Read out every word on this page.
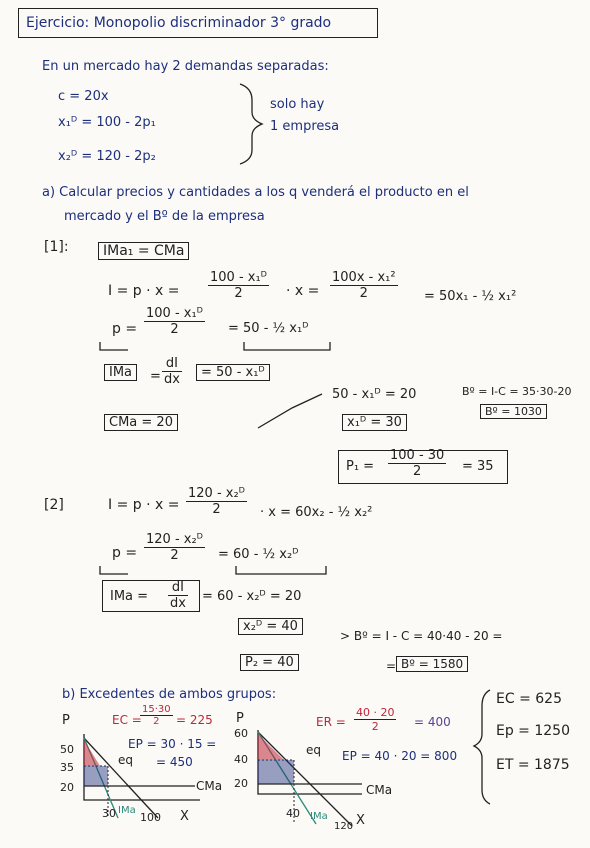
Ejercicio: Monopolio discriminador 3° grado
En un mercado hay 2 demandas separadas:
c = 20x
x₁ᴰ = 100 - 2p₁
x₂ᴰ = 120 - 2p₂
solo hay
1 empresa
a) Calcular precios y cantidades a los q venderá el producto en el
mercado y el Bº de la empresa
[1]:	IMa₁ = CMa
$I = p \cdot x = \frac{\text{100 - x₁ᴰ}}{2} \cdot x = \frac{\text{100x - x₁²}}{2} = 50x_1$ - ½ x₁²
$p = \frac{\text{100 - x₁ᴰ}}{2} = 50$ - ½ x₁ᴰ
IMa	= $\frac{dI}{dx}$	= 50 - x₁ᴰ
CMa = 20
50 - x₁ᴰ = 20
x₁ᴰ = 30
Bº = I-C = 35·30-20
Bº = 1030
$P_1 = \frac{100 - 30}{2} = 35$
[2]	$I = p \cdot x = \frac{\text{120 - x₂ᴰ}}{2} \cdot x = 60x_2$ - ½ x₂²
$p = \frac{\text{120 - x₂ᴰ}}{2} = 60$ - ½ x₂ᴰ
IMa = $\frac{dI}{dx} = 60$ - x₂ᴰ = 20
x₂ᴰ = 40
P₂ = 40
> Bº = I - C = 40·40 - 20 =
= Bº = 1580
b) Excedentes de ambos grupos:
EC =
$\frac{15\cdot 30}{2} = 225$
EP = 30 · 15 =
= 450
P
50
35
20
eq
CMa
30 IMa
100 X
P
60
40
20
eq
CMa
40 IMa
120 X
ER = $\frac{40 \cdot 20}{2} = 400$
EP = 40 · 20 = 800
EC = 625
Ep = 1250
ET = 1875
